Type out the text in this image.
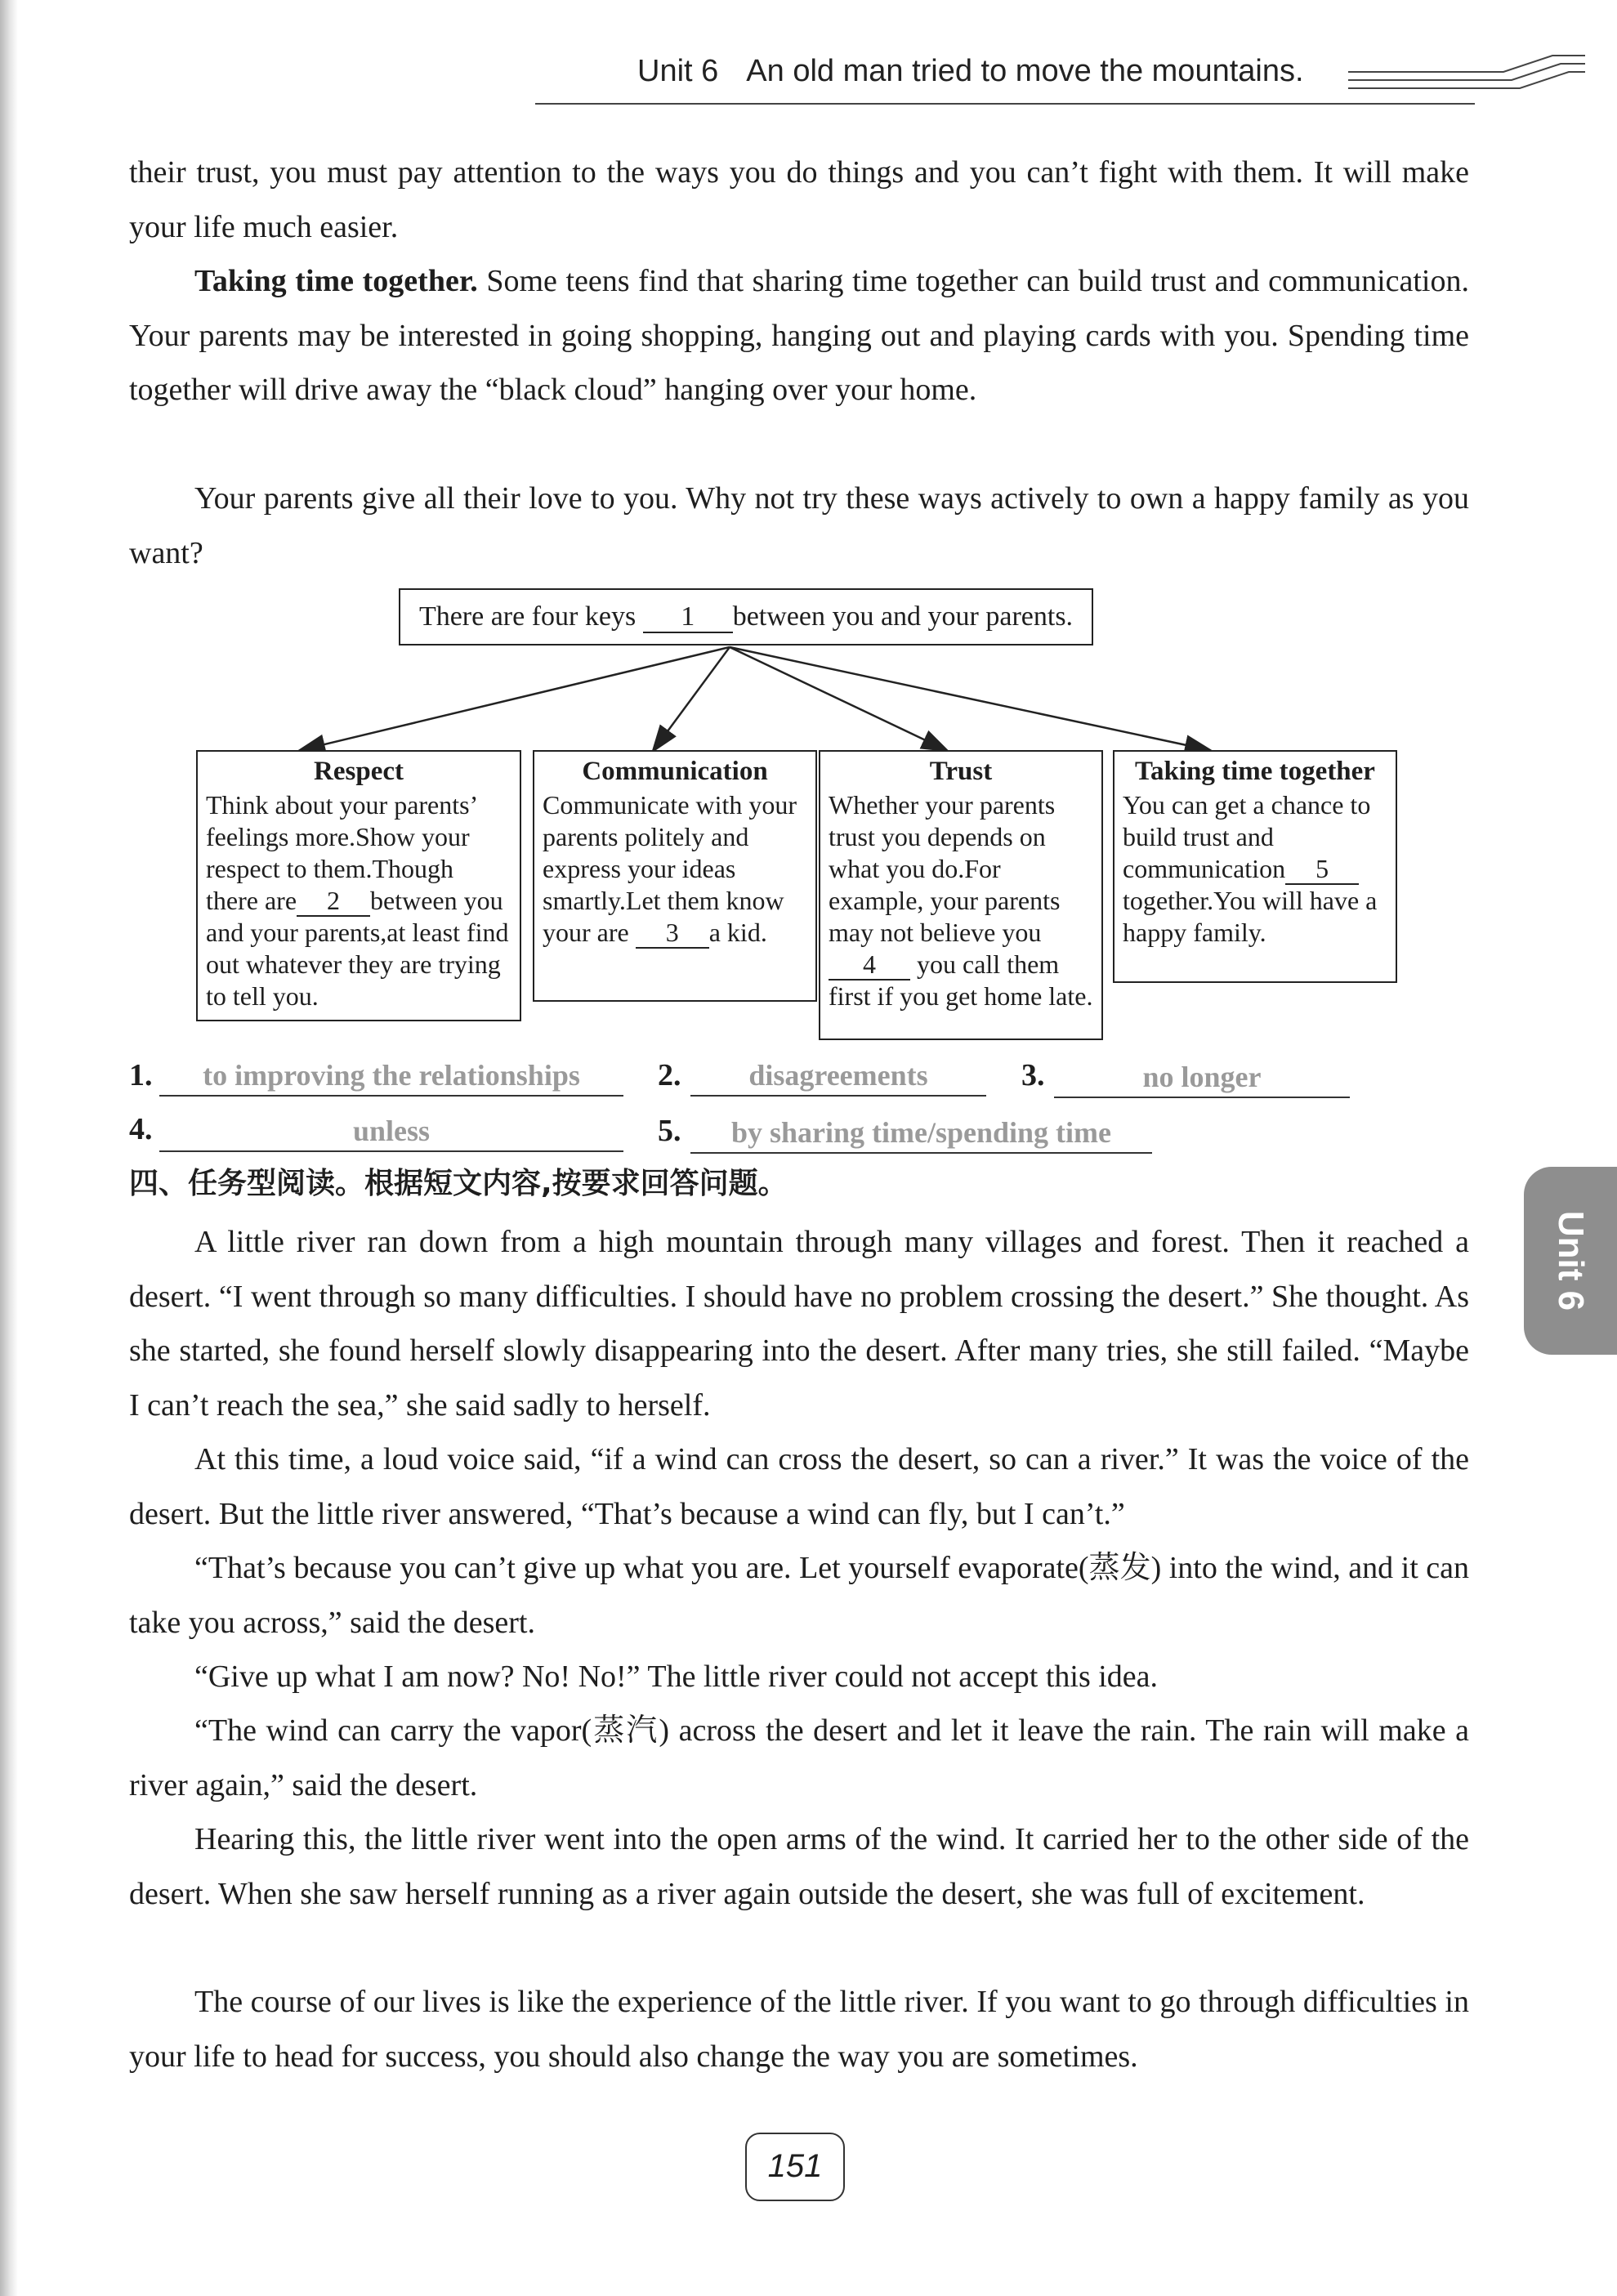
Unit 6 An old man tried to move the mountains.

their trust, you must pay attention to the ways you do things and you can’t fight with them. It will make your life much easier.

Taking time together. Some teens find that sharing time together can build trust and communication. Your parents may be interested in going shopping, hanging out and playing cards with you. Spending time together will drive away the “black cloud” hanging over your home.

Your parents give all their love to you. Why not try these ways actively to own a happy family as you want?

There are four keys 1 between you and your parents.
Respect

Think about your parents’ feelings more.Show your respect to them.Though there are 2 between you and your parents,at least find out whatever they are trying to tell you.

Communication

Communicate with your parents politely and express your ideas smartly.Let them know your are 3 a kid.

Trust

Whether your parents trust you depends on what you do.For example, your parents may not believe you 4 you call them first if you get home late.

Taking time together

You can get a chance to build trust and communication 5together.You will have a happy family.

1.	to improving the relationships	2.	disagreements	3.	no longer
4.	unless	5.	by sharing time/spending time
四、任务型阅读。根据短文内容,按要求回答问题。

A little river ran down from a high mountain through many villages and forest. Then it reached a desert. “I went through so many difficulties. I should have no problem crossing the desert.” She thought. As she started, she found herself slowly disappearing into the desert. After many tries, she still failed. “Maybe I can’t reach the sea,” she said sadly to herself.

At this time, a loud voice said, “if a wind can cross the desert, so can a river.” It was the voice of the desert. But the little river answered, “That’s because a wind can fly, but I can’t.”

“That’s because you can’t give up what you are. Let yourself evaporate(蒸发) into the wind, and it can take you across,” said the desert.

“Give up what I am now? No! No!” The little river could not accept this idea.

“The wind can carry the vapor(蒸汽) across the desert and let it leave the rain. The rain will make a river again,” said the desert.

Hearing this, the little river went into the open arms of the wind. It carried her to the other side of the desert. When she saw herself running as a river again outside the desert, she was full of excitement.

The course of our lives is like the experience of the little river. If you want to go through difficulties in your life to head for success, you should also change the way you are sometimes.

Unit 6
151
